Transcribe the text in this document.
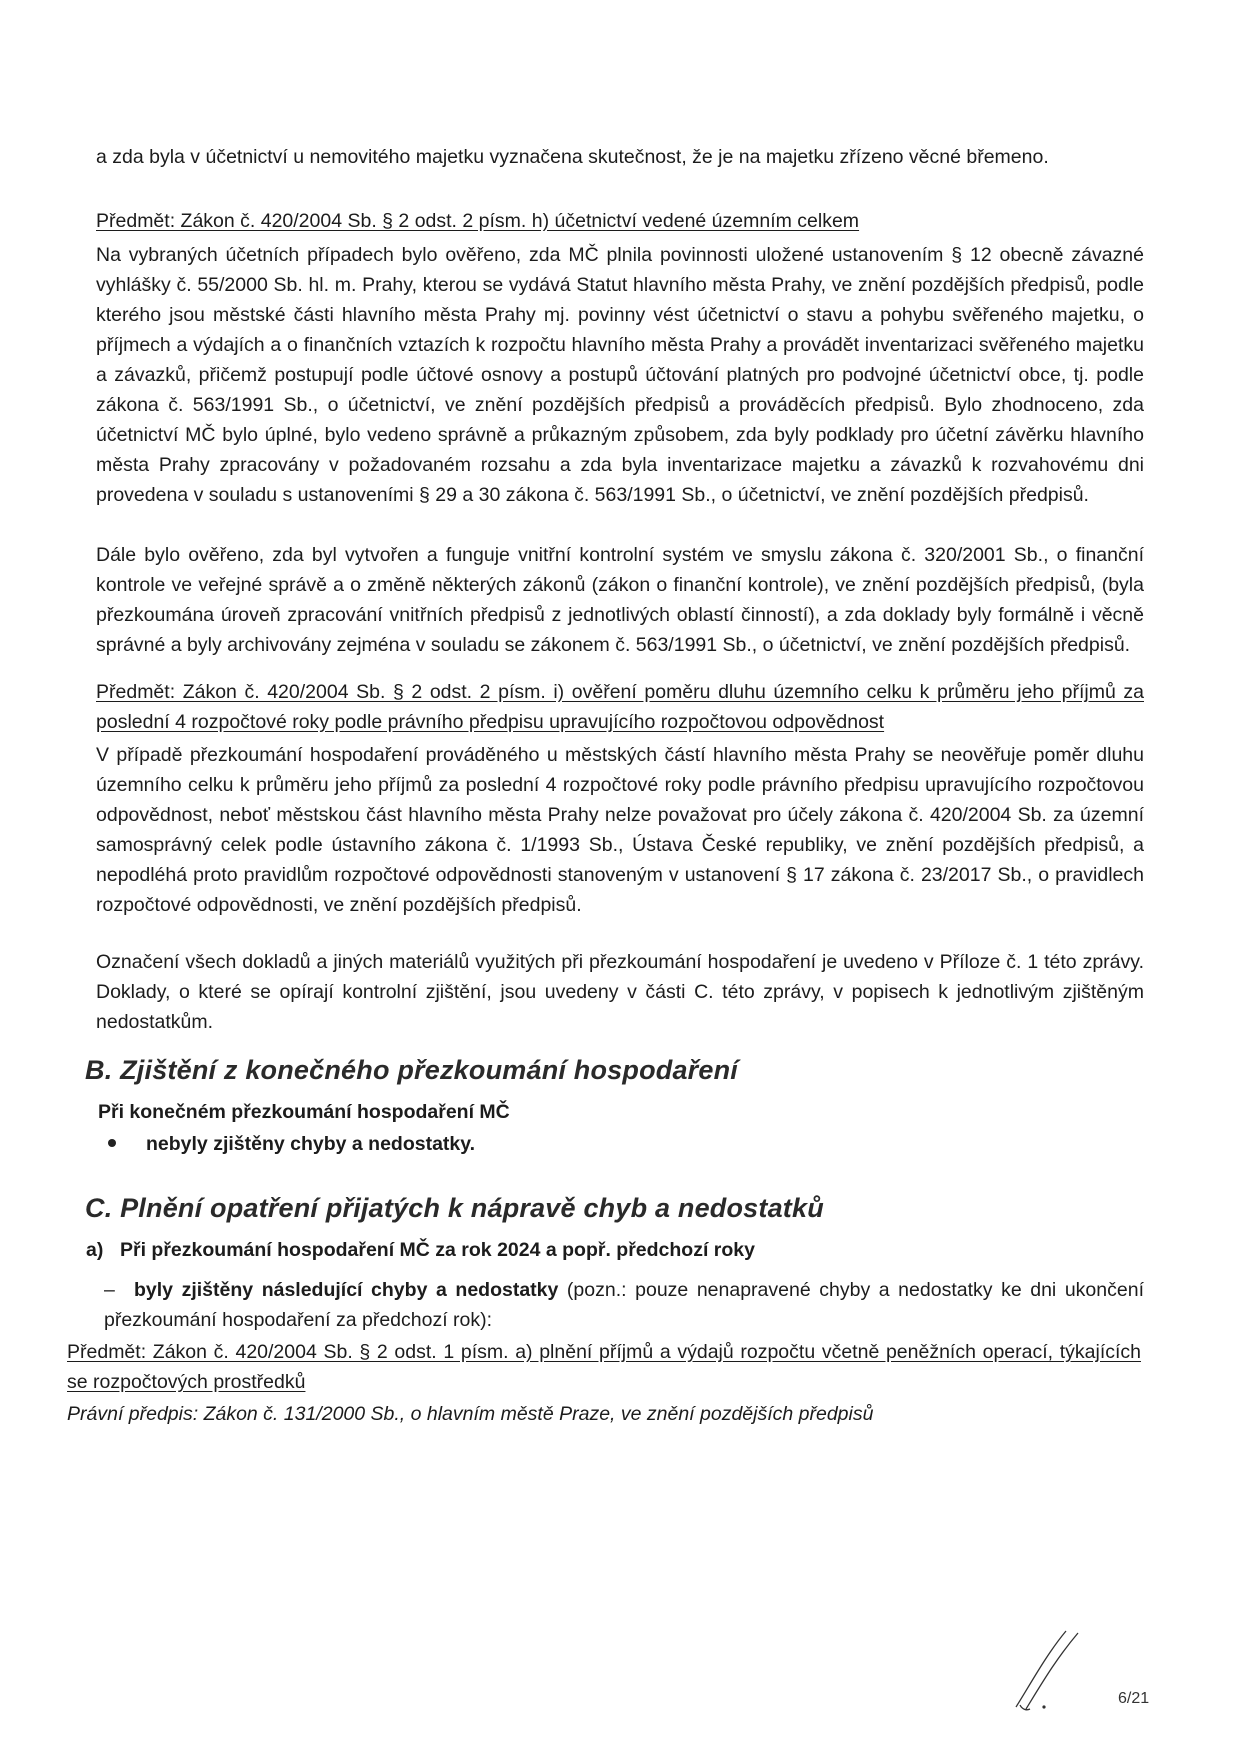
a zda byla v účetnictví u nemovitého majetku vyznačena skutečnost, že je na majetku zřízeno věcné břemeno.

Předmět: Zákon č. 420/2004 Sb. § 2 odst. 2 písm. h) účetnictví vedené územním celkem

Na vybraných účetních případech bylo ověřeno, zda MČ plnila povinnosti uložené ustanovením § 12 obecně závazné vyhlášky č. 55/2000 Sb. hl. m. Prahy, kterou se vydává Statut hlavního města Prahy, ve znění pozdějších předpisů, podle kterého jsou městské části hlavního města Prahy mj. povinny vést účetnictví o stavu a pohybu svěřeného majetku, o příjmech a výdajích a o finančních vztazích k rozpočtu hlavního města Prahy a provádět inventarizaci svěřeného majetku a závazků, přičemž postupují podle účtové osnovy a postupů účtování platných pro podvojné účetnictví obce, tj. podle zákona č. 563/1991 Sb., o účetnictví, ve znění pozdějších předpisů a prováděcích předpisů. Bylo zhodnoceno, zda účetnictví MČ bylo úplné, bylo vedeno správně a průkazným způsobem, zda byly podklady pro účetní závěrku hlavního města Prahy zpracovány v požadovaném rozsahu a zda byla inventarizace majetku a závazků k rozvahovému dni provedena v souladu s ustanoveními § 29 a 30 zákona č. 563/1991 Sb., o účetnictví, ve znění pozdějších předpisů.

Dále bylo ověřeno, zda byl vytvořen a funguje vnitřní kontrolní systém ve smyslu zákona č. 320/2001 Sb., o finanční kontrole ve veřejné správě a o změně některých zákonů (zákon o finanční kontrole), ve znění pozdějších předpisů, (byla přezkoumána úroveň zpracování vnitřních předpisů z jednotlivých oblastí činností), a zda doklady byly formálně i věcně správné a byly archivovány zejména v souladu se zákonem č. 563/1991 Sb., o účetnictví, ve znění pozdějších předpisů.

Předmět: Zákon č. 420/2004 Sb. § 2 odst. 2 písm. i) ověření poměru dluhu územního celku k průměru jeho příjmů za poslední 4 rozpočtové roky podle právního předpisu upravujícího rozpočtovou odpovědnost

V případě přezkoumání hospodaření prováděného u městských částí hlavního města Prahy se neověřuje poměr dluhu územního celku k průměru jeho příjmů za poslední 4 rozpočtové roky podle právního předpisu upravujícího rozpočtovou odpovědnost, neboť městskou část hlavního města Prahy nelze považovat pro účely zákona č. 420/2004 Sb. za územní samosprávný celek podle ústavního zákona č. 1/1993 Sb., Ústava České republiky, ve znění pozdějších předpisů, a nepodléhá proto pravidlům rozpočtové odpovědnosti stanoveným v ustanovení § 17 zákona č. 23/2017 Sb., o pravidlech rozpočtové odpovědnosti, ve znění pozdějších předpisů.

Označení všech dokladů a jiných materiálů využitých při přezkoumání hospodaření je uvedeno v Příloze č. 1 této zprávy. Doklady, o které se opírají kontrolní zjištění, jsou uvedeny v části C. této zprávy, v popisech k jednotlivým zjištěným nedostatkům.

B. Zjištění z konečného přezkoumání hospodaření
Při konečném přezkoumání hospodaření MČ
nebyly zjištěny chyby a nedostatky.
C. Plnění opatření přijatých k nápravě chyb a nedostatků
a) Při přezkoumání hospodaření MČ za rok 2024 a popř. předchozí roky

– byly zjištěny následující chyby a nedostatky (pozn.: pouze nenapravené chyby a nedostatky ke dni ukončení přezkoumání hospodaření za předchozí rok):

Předmět: Zákon č. 420/2004 Sb. § 2 odst. 1 písm. a) plnění příjmů a výdajů rozpočtu včetně peněžních operací, týkajících se rozpočtových prostředků

Právní předpis: Zákon č. 131/2000 Sb., o hlavním městě Praze, ve znění pozdějších předpisů
6/21
